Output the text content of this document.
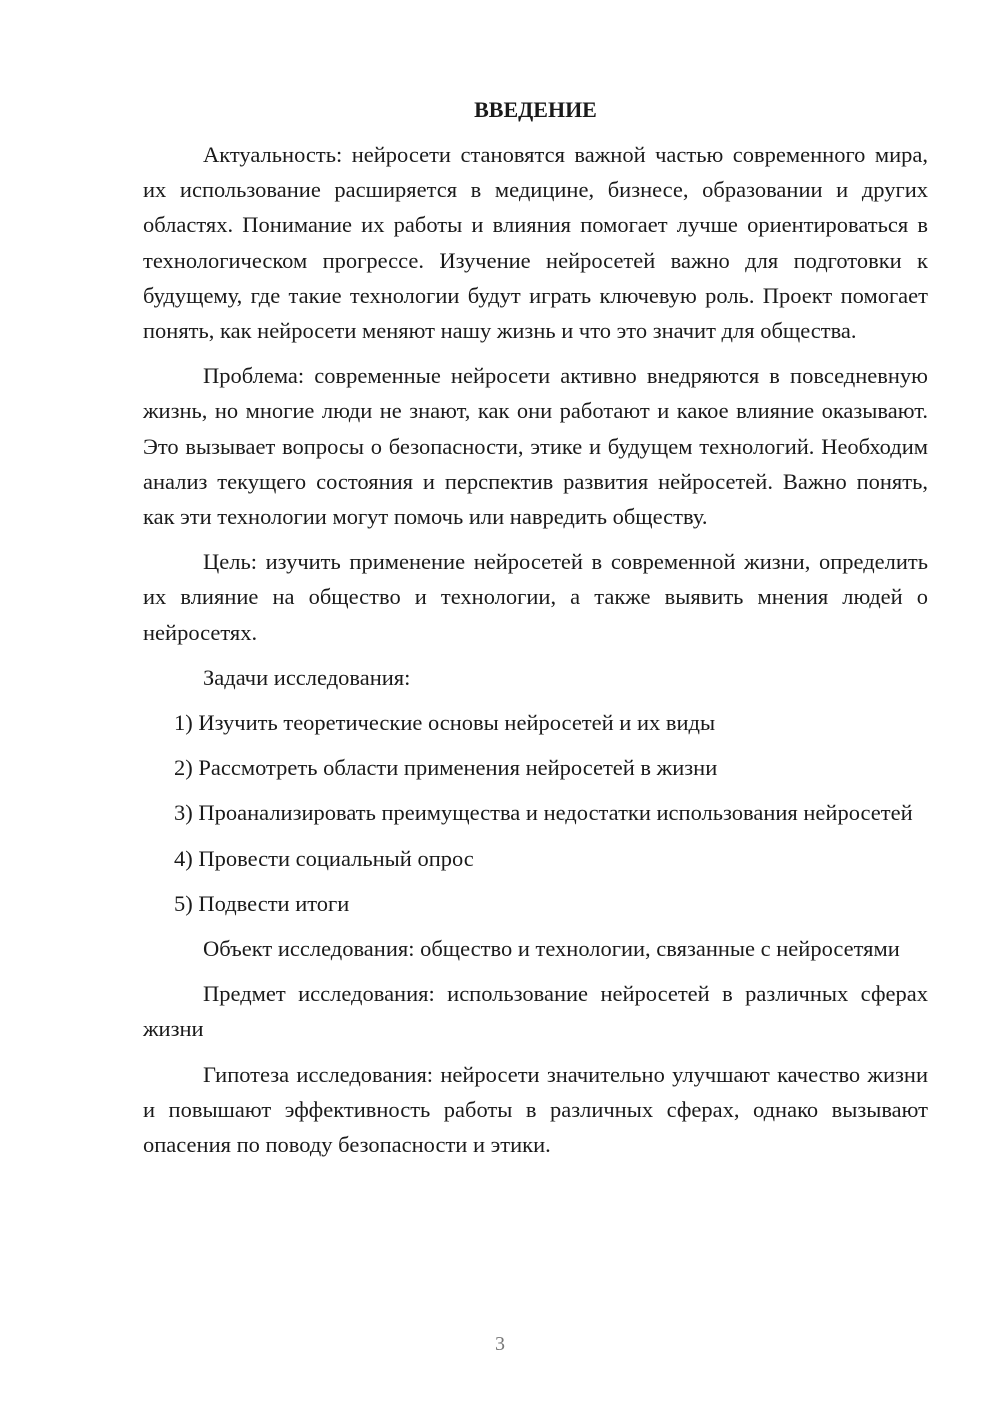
ВВЕДЕНИЕ

Актуальность: нейросети становятся важной частью современного мира, их использование расширяется в медицине, бизнесе, образовании и других областях. Понимание их работы и влияния помогает лучше ориентироваться в технологическом прогрессе. Изучение нейросетей важно для подготовки к будущему, где такие технологии будут играть ключевую роль. Проект помогает понять, как нейросети меняют нашу жизнь и что это значит для общества.

Проблема: современные нейросети активно внедряются в повседневную жизнь, но многие люди не знают, как они работают и какое влияние оказывают. Это вызывает вопросы о безопасности, этике и будущем технологий. Необходим анализ текущего состояния и перспектив развития нейросетей. Важно понять, как эти технологии могут помочь или навредить обществу.

Цель: изучить применение нейросетей в современной жизни, определить их влияние на общество и технологии, а также выявить мнения людей о нейросетях.

Задачи исследования:

1) Изучить теоретические основы нейросетей и их виды

2) Рассмотреть области применения нейросетей в жизни

3) Проанализировать преимущества и недостатки использования нейросетей

4) Провести социальный опрос

5) Подвести итоги

Объект исследования: общество и технологии, связанные с нейросетями

Предмет исследования: использование нейросетей в различных сферах жизни

Гипотеза исследования: нейросети значительно улучшают качество жизни и повышают эффективность работы в различных сферах, однако вызывают опасения по поводу безопасности и этики.

3
